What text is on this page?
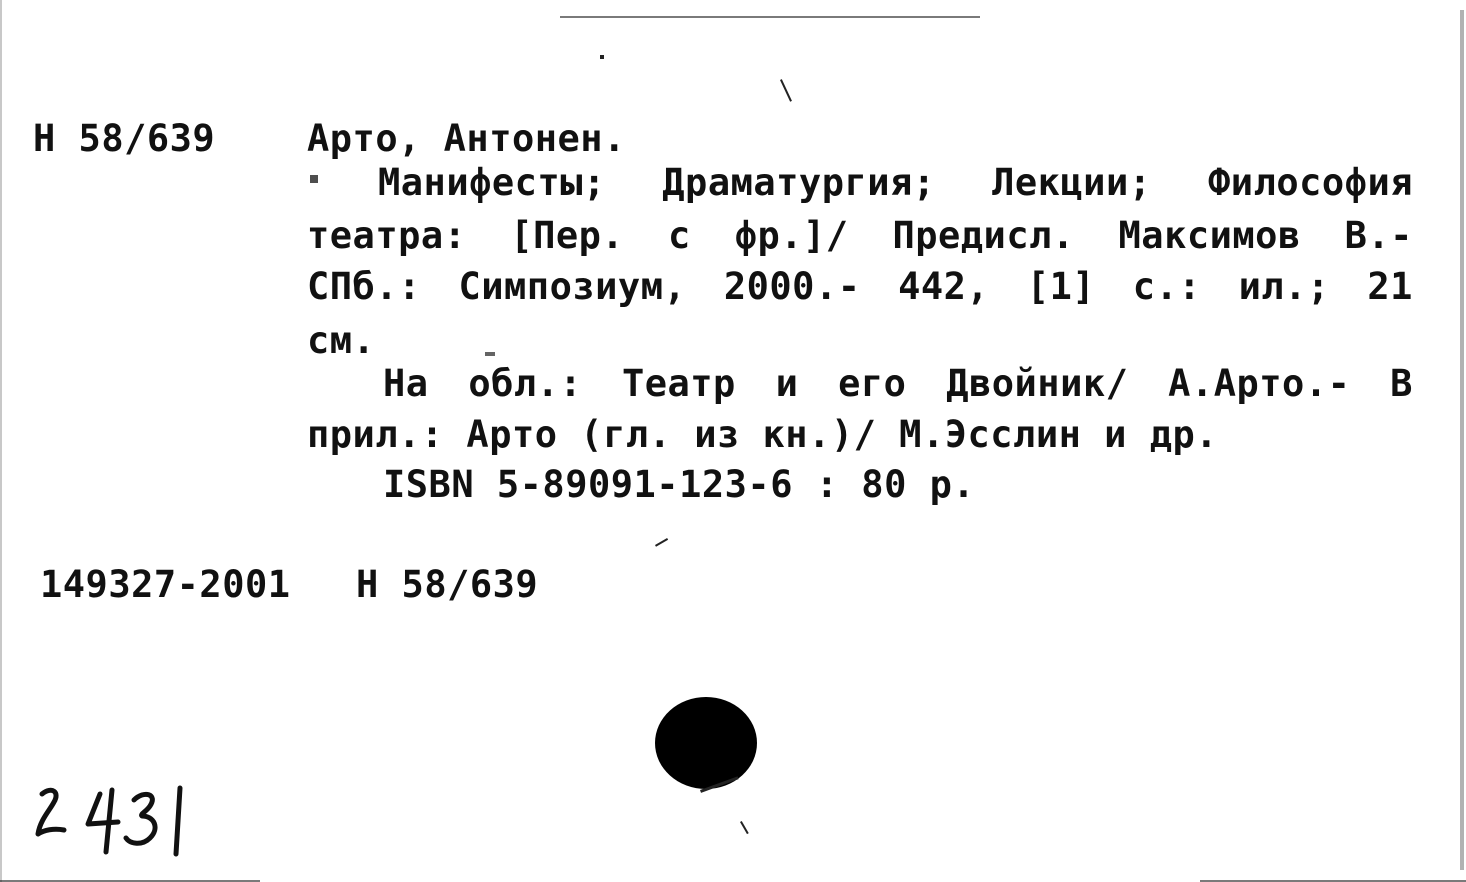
Н 58/639 Арто, Антонен.
Манифесты; Драматургия; Лекции; Философия
театра: [Пер. с фр.]/ Предисл. Максимов В.-
СПб.: Симпозиум, 2000.- 442, [1] с.: ил.; 21
см.
На обл.: Театр и его Двойник/ А.Арто.- В
прил.: Арто (гл. из кн.)/ М.Эсслин и др.
ISBN 5-89091-123-6 : 80 р.
149327-2001 Н 58/639
